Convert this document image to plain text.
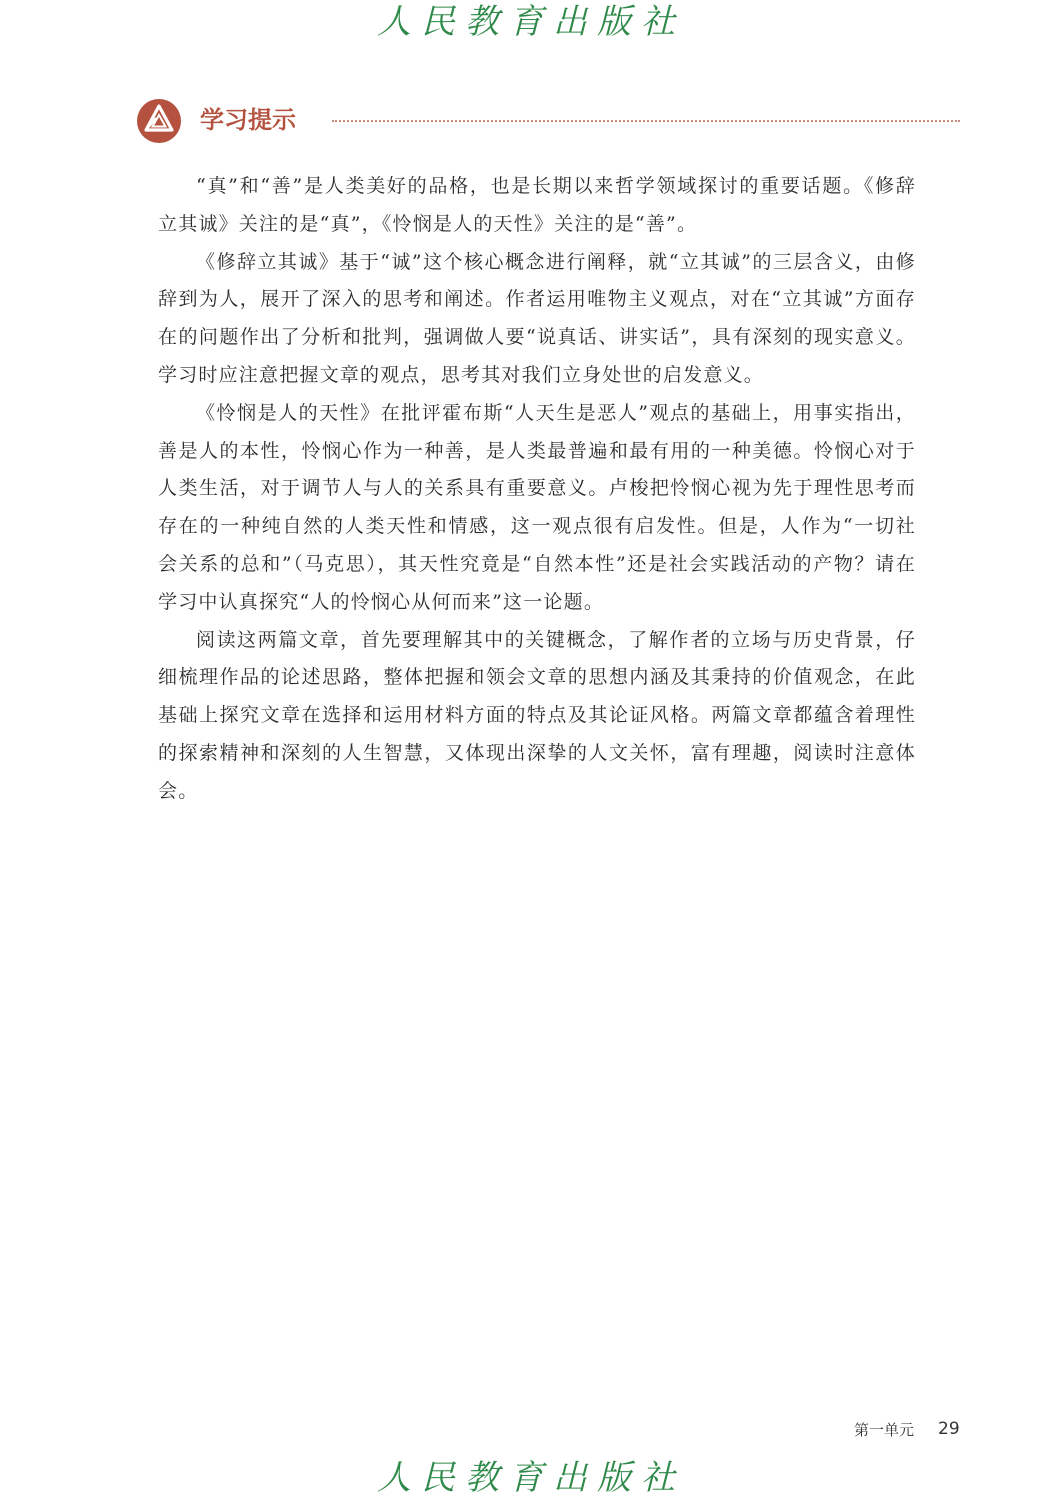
人民教育出版社
学习提示

“真”和“善”是人类美好的品格，也是长期以来哲学领域探讨的重要话题。《修辞立其诚》关注的是“真”，《怜悯是人的天性》关注的是“善”。

《修辞立其诚》基于“诚”这个核心概念进行阐释，就“立其诚”的三层含义，由修辞到为人，展开了深入的思考和阐述。作者运用唯物主义观点，对在“立其诚”方面存在的问题作出了分析和批判，强调做人要“说真话、讲实话”，具有深刻的现实意义。学习时应注意把握文章的观点，思考其对我们立身处世的启发意义。

《怜悯是人的天性》在批评霍布斯“人天生是恶人”观点的基础上，用事实指出，善是人的本性，怜悯心作为一种善，是人类最普遍和最有用的一种美德。怜悯心对于人类生活，对于调节人与人的关系具有重要意义。卢梭把怜悯心视为先于理性思考而存在的一种纯自然的人类天性和情感，这一观点很有启发性。但是，人作为“一切社会关系的总和”（马克思），其天性究竟是“自然本性”还是社会实践活动的产物？请在学习中认真探究“人的怜悯心从何而来”这一论题。

阅读这两篇文章，首先要理解其中的关键概念，了解作者的立场与历史背景，仔细梳理作品的论述思路，整体把握和领会文章的思想内涵及其秉持的价值观念，在此基础上探究文章在选择和运用材料方面的特点及其论证风格。两篇文章都蕴含着理性的探索精神和深刻的人生智慧，又体现出深挚的人文关怀，富有理趣，阅读时注意体会。

第一单元 29
人民教育出版社
